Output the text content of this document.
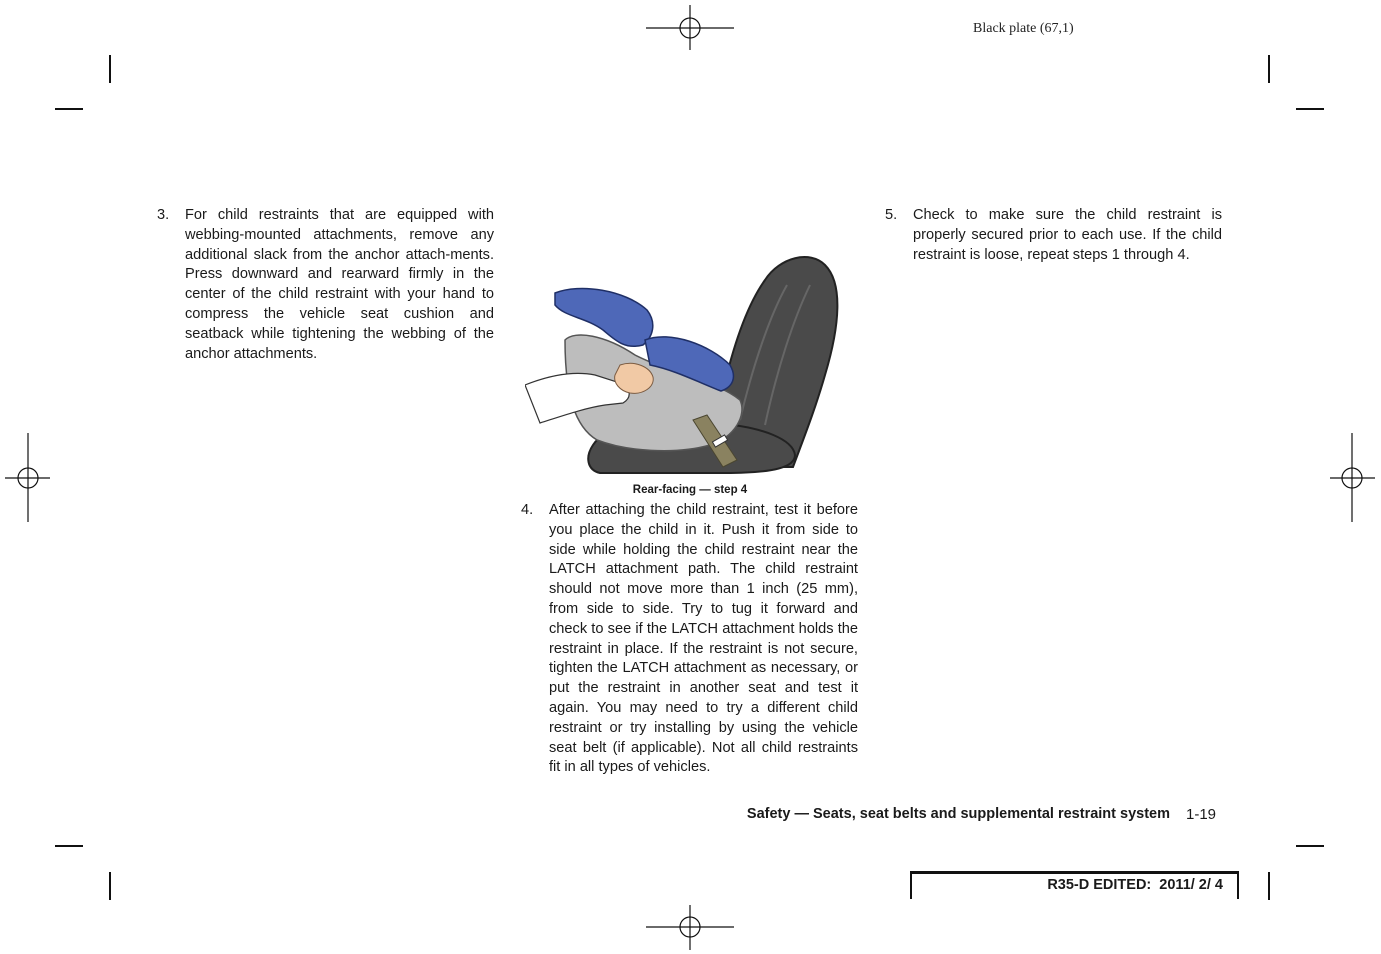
Black plate (67,1)
3. For child restraints that are equipped with webbing-mounted attachments, remove any additional slack from the anchor attach-ments. Press downward and rearward firmly in the center of the child restraint with your hand to compress the vehicle seat cushion and seatback while tightening the webbing of the anchor attachments.
Rear-facing — step 4
4. After attaching the child restraint, test it before you place the child in it. Push it from side to side while holding the child restraint near the LATCH attachment path. The child restraint should not move more than 1 inch (25 mm), from side to side. Try to tug it forward and check to see if the LATCH attachment holds the restraint in place. If the restraint is not secure, tighten the LATCH attachment as necessary, or put the restraint in another seat and test it again. You may need to try a different child restraint or try installing by using the vehicle seat belt (if applicable). Not all child restraints fit in all types of vehicles.
5. Check to make sure the child restraint is properly secured prior to each use. If the child restraint is loose, repeat steps 1 through 4.
Safety — Seats, seat belts and supplemental restraint system 1-19
R35-D EDITED:  2011/ 2/ 4
